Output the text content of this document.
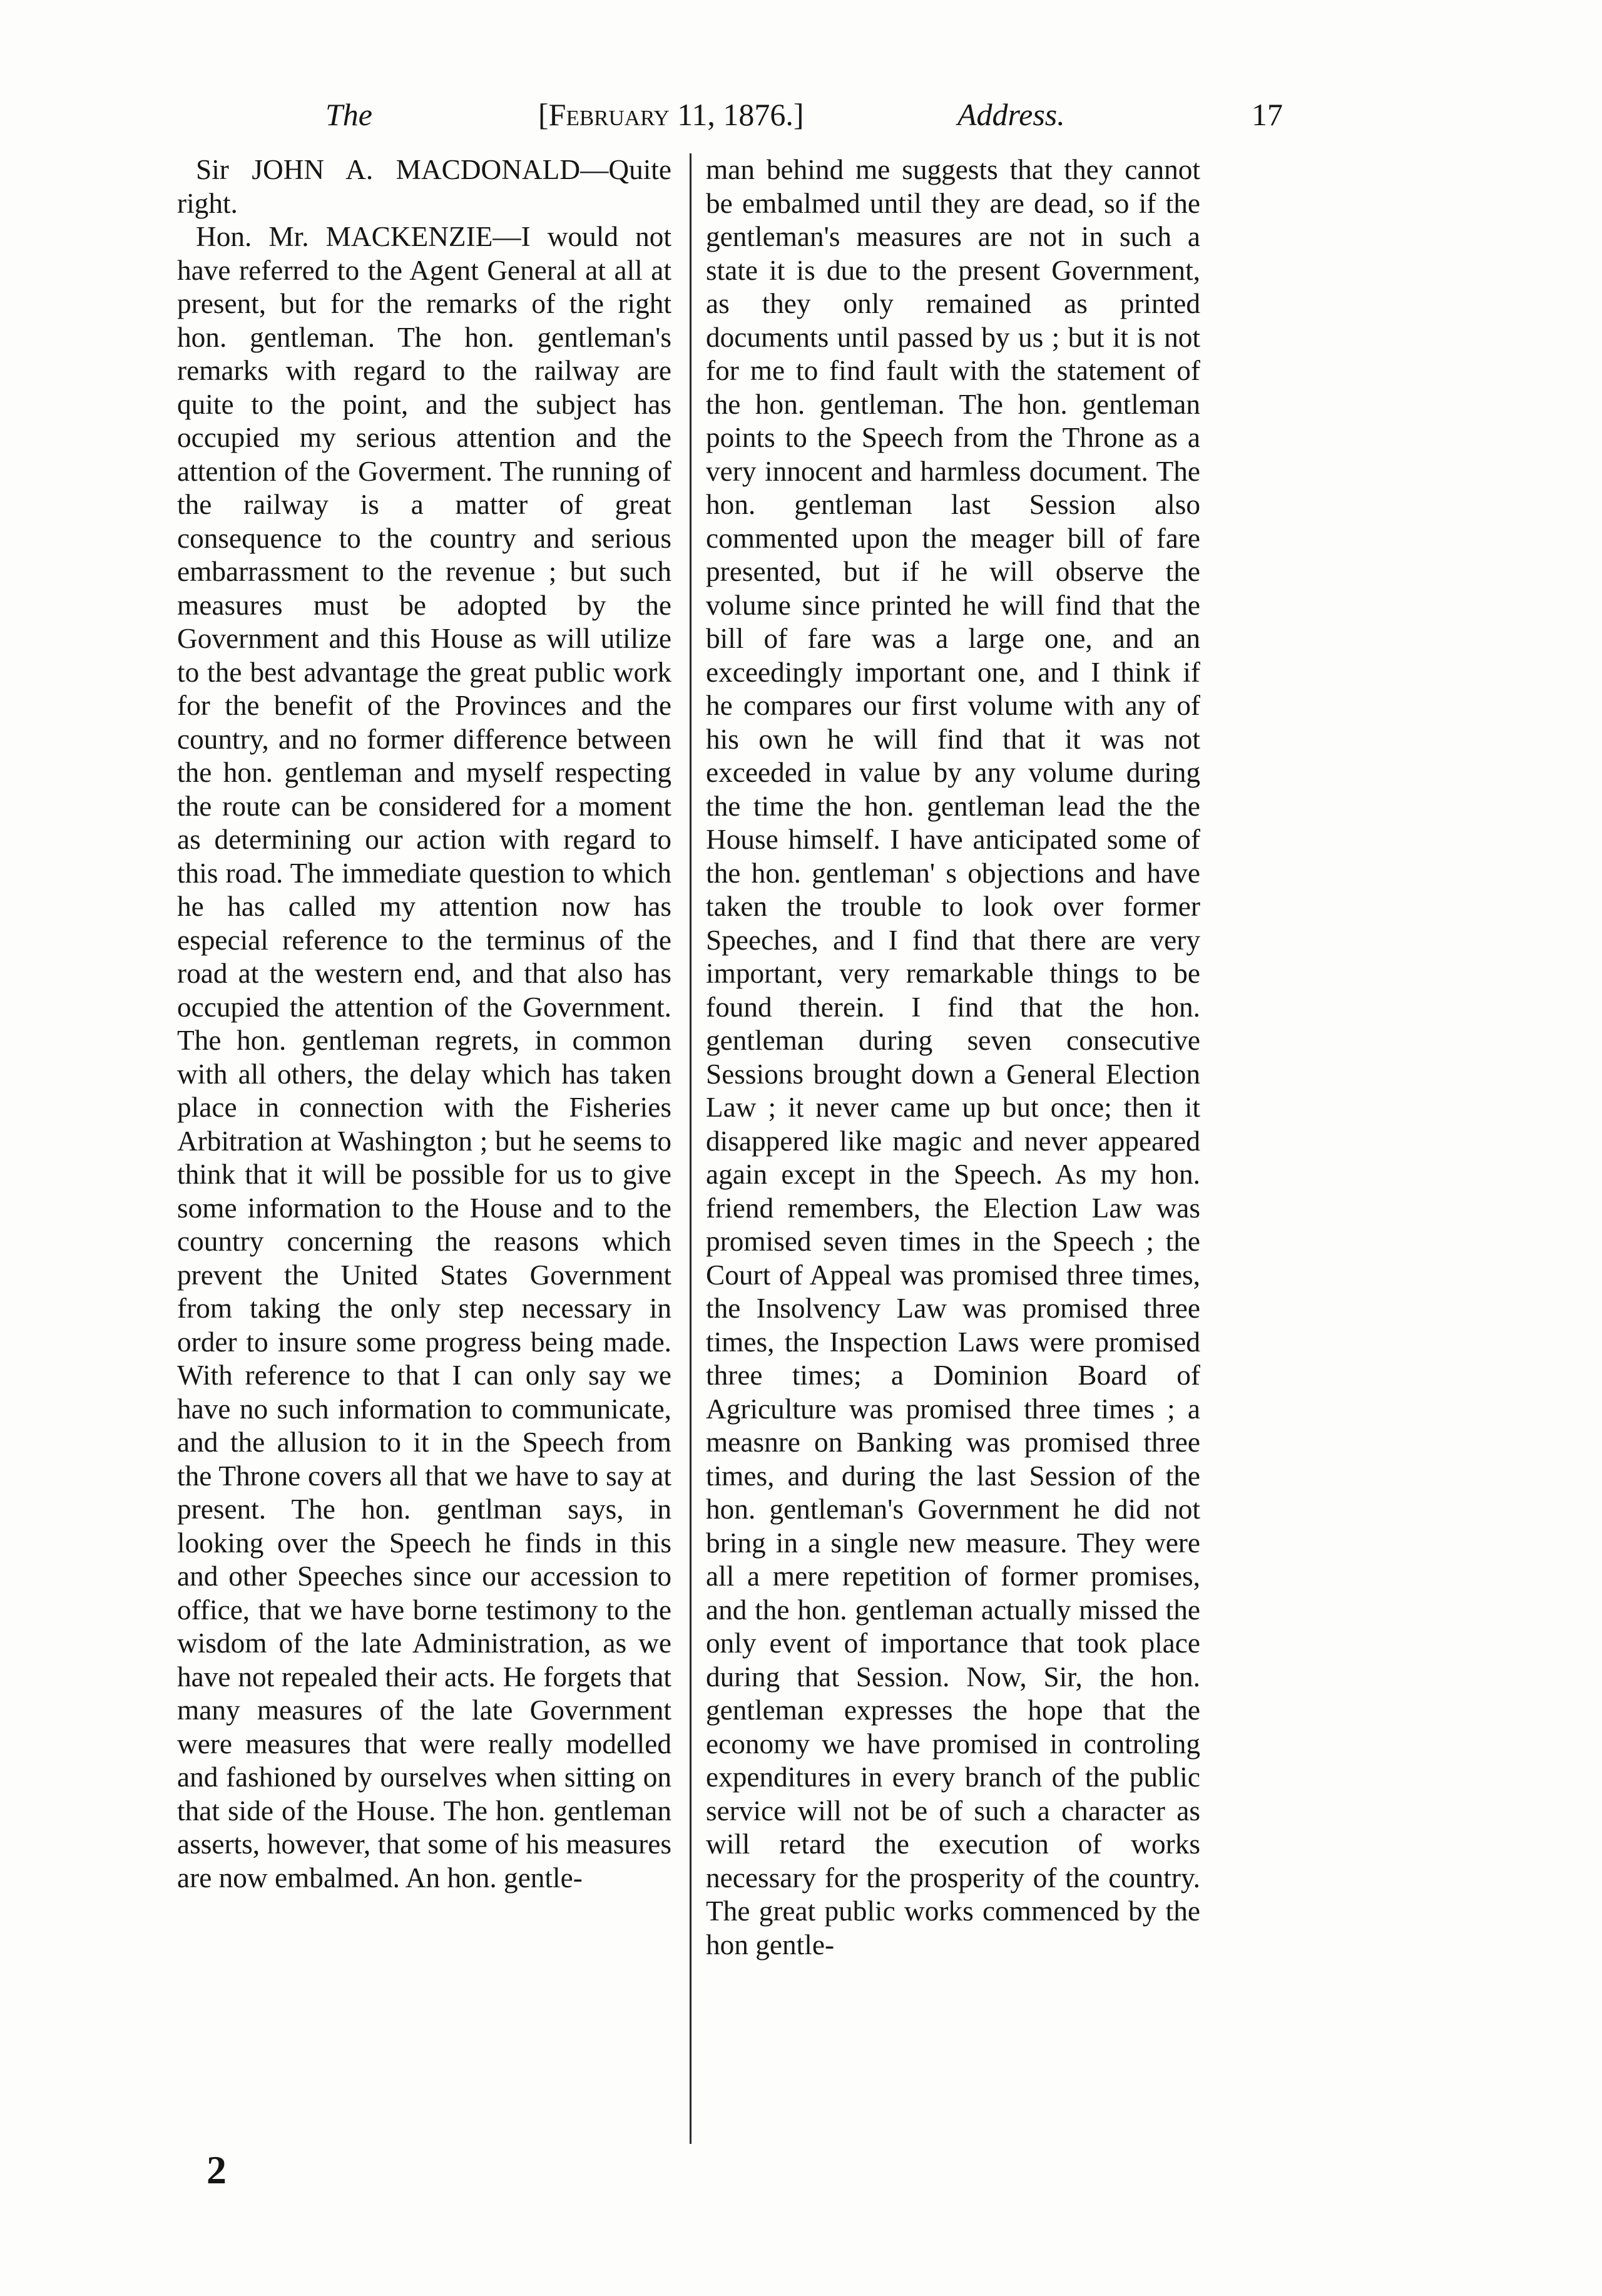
The	[February 11, 1876.]	Address.	17

Sir JOHN A. MACDONALD—Quite right.

Hon. Mr. MACKENZIE—I would not have referred to the Agent General at all at present, but for the remarks of the right hon. gentleman. The hon. gentleman's remarks with regard to the railway are quite to the point, and the subject has occupied my serious attention and the attention of the Goverment. The running of the railway is a matter of great consequence to the country and serious embarrassment to the revenue ; but such measures must be adopted by the Government and this House as will utilize to the best advantage the great public work for the benefit of the Provinces and the country, and no former difference between the hon. gentleman and myself respecting the route can be considered for a moment as determining our action with regard to this road. The immediate question to which he has called my attention now has especial reference to the terminus of the road at the western end, and that also has occupied the attention of the Government. The hon. gentleman regrets, in common with all others, the delay which has taken place in connection with the Fisheries Arbitration at Washington ; but he seems to think that it will be possible for us to give some information to the House and to the country concerning the reasons which prevent the United States Government from taking the only step necessary in order to insure some progress being made. With reference to that I can only say we have no such information to communicate, and the allusion to it in the Speech from the Throne covers all that we have to say at present. The hon. gentlman says, in looking over the Speech he finds in this and other Speeches since our accession to office, that we have borne testimony to the wisdom of the late Administration, as we have not repealed their acts. He forgets that many measures of the late Government were measures that were really modelled and fashioned by ourselves when sitting on that side of the House. The hon. gentleman asserts, however, that some of his measures are now embalmed. An hon. gentle-

man behind me suggests that they cannot be embalmed until they are dead, so if the gentleman's measures are not in such a state it is due to the present Government, as they only remained as printed documents until passed by us ; but it is not for me to find fault with the statement of the hon. gentleman. The hon. gentleman points to the Speech from the Throne as a very innocent and harmless document. The hon. gentleman last Session also commented upon the meager bill of fare presented, but if he will observe the volume since printed he will find that the bill of fare was a large one, and an exceedingly important one, and I think if he compares our first volume with any of his own he will find that it was not exceeded in value by any volume during the time the hon. gentleman lead the the House himself. I have anticipated some of the hon. gentleman' s objections and have taken the trouble to look over former Speeches, and I find that there are very important, very remarkable things to be found therein. I find that the hon. gentleman during seven consecutive Sessions brought down a General Election Law ; it never came up but once; then it disappered like magic and never appeared again except in the Speech. As my hon. friend remembers, the Election Law was promised seven times in the Speech ; the Court of Appeal was promised three times, the Insolvency Law was promised three times, the Inspection Laws were promised three times; a Dominion Board of Agriculture was promised three times ; a measnre on Banking was promised three times, and during the last Session of the hon. gentleman's Government he did not bring in a single new measure. They were all a mere repetition of former promises, and the hon. gentleman actually missed the only event of importance that took place during that Session. Now, Sir, the hon. gentleman expresses the hope that the economy we have promised in controling expenditures in every branch of the public service will not be of such a character as will retard the execution of works necessary for the prosperity of the country. The great public works commenced by the hon gentle-

2
